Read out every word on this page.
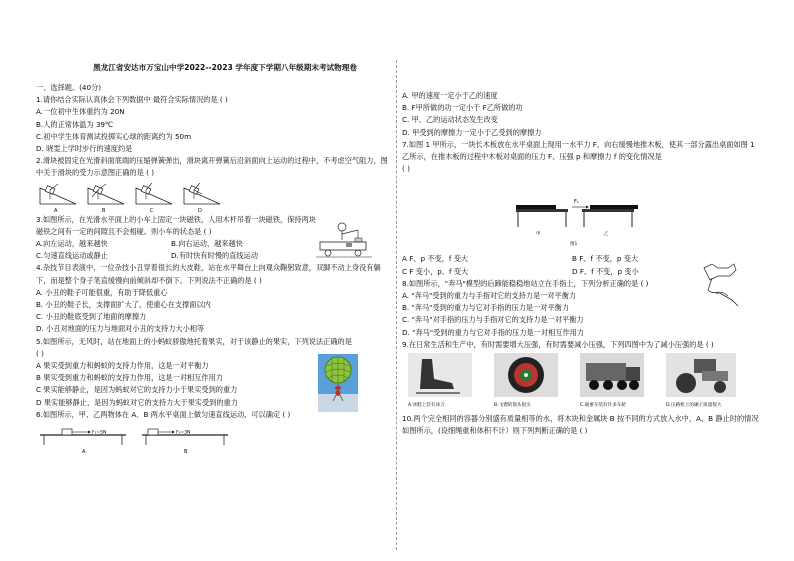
黑龙江省安达市万宝山中学2022--2023 学年度下学期八年级期末考试物理卷
一、选择题。(40分)
1.请你结合实际认真体会下列数据中 最符合实际情况的是 ( )
A.一位初中生体重约为 20N
B.人的正常体温为 39℃
C.初中学生体育测试投掷实心球的距离约为 50m
D. 晓雯上学时步行的速度约是
2.滑块被固定在光滑斜面底端的压缩弹簧弹出，滑块离开弹簧后沿斜面向上运动的过程中，不考虑空气阻力，图中关于滑块的受力示意图正确的是 ( )
A	B	C	D
3.如图所示，在光滑水平面上的小车上固定一块磁铁，人用木杆吊着一块磁铁，保持两块磁铁之间有一定的间隙且不会相碰。则小车的状态是 ( )
A.向左运动，越来越快	B.向右运动，越来越快
C.匀速直线运动或静止	D.有时快有时慢的直线运动
4.杂技节目表演中，一位杂技小丑穿着很长的大皮鞋，站在水平舞台上向观众鞠躬致意，双脚不动上身没有躺下，而是整个身子笔直缓慢向前倾斜却不倒下。下列说法不正确的是 ( )
A. 小丑的鞋子可能很重，有助于降低重心
B. 小丑的鞋子长，支撑面扩大了，使重心在支撑面以内
C. 小丑的鞋底受到了地面的摩擦力
D. 小丑对地面的压力与地面对小丑的支持力大小相等
5.如图所示，无风时，站在地面上的小蚂蚁骄傲地托着果实，对于该静止的果实，下列说法正确的是
( )
A 果实受到重力和蚂蚁的支持力作用，这是一对平衡力
B 果实受到重力和蚂蚁的支持力作用，这是一对相互作用力
C 果实能够静止，是因为蚂蚁对它的支持力小于果实受到的重力
D 果实能够静止，是因为蚂蚁对它的支持力大于果实受到的重力
6.如图所示，甲、乙两物体在 A、B 两水平桌面上做匀速直线运动，可以确定 ( )
F₁=5N
A
F₂=3N
B
A. 甲的速度一定小于乙的速度
B. F甲所做的功一定小于 F乙所做的功
C. 甲、乙的运动状态发生改变
D. 甲受到的摩擦力一定小于乙受到的摩擦力
7.如图 1 甲所示，一块长木板放在水平桌面上现用一水平力 F，向右缓慢地推木板，使其一部分露出桌面如图 1 乙所示，在推木板的过程中木板对桌面的压力 F、压强 p 和摩擦力 f 的变化情况是
( )
F₁
甲	乙
图1
A F、p 不变，f 变大	B F、f 不变，p 变大
C F 变小，p、f 变大	D F、f 不变，p 变小
8.如图所示，"奔马"模型的后蹄能稳稳地站立在手指上，下列分析正确的是 ( )
A. "奔马"受到的重力与手指对它的支持力是一对平衡力
B. "奔马"受到的重力与它对手指的压力是一对平衡力
C. "奔马"对手指的压力与手指对它的支持力是一对平衡力
D. "奔马"受到的重力与它对手指的压力是一对相互作用力
9.在日常生活和生产中，有时需要增大压强，有时需要减小压强，下列四图中为了减小压强的是 ( )
A.冰鞋上装有冰刀	B.飞镖的箭头很尖	C.载重车装有许多车轮	D.压路机上的碾子质量很大
10.两个完全相同的容器分别盛有质量相等的水，将木块和金属块 B 按不同的方式放入水中，A、B 静止时的情况如图所示，(设细绳重和体积不计）则下列判断正确的是 ( )
